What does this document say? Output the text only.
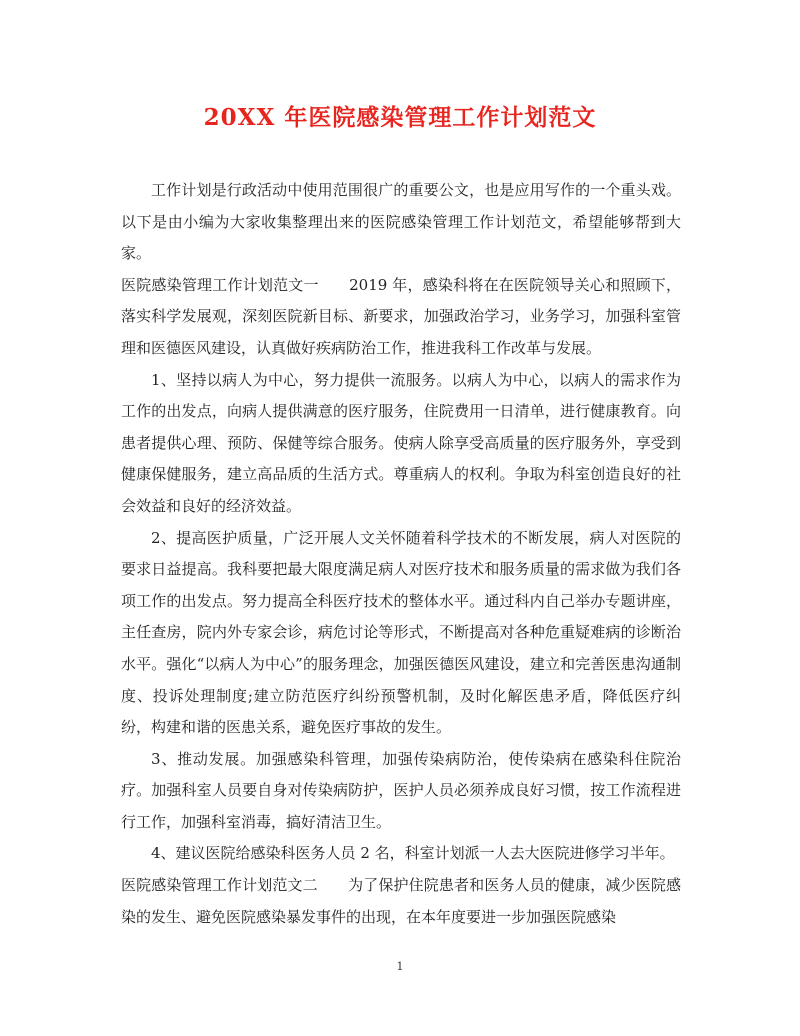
20XX 年医院感染管理工作计划范文

工作计划是行政活动中使用范围很广的重要公文，也是应用写作的一个重头戏。以下是由小编为大家收集整理出来的医院感染管理工作计划范文，希望能够帮到大家。

医院感染管理工作计划范文一　　2019 年，感染科将在在医院领导关心和照顾下，落实科学发展观，深刻医院新目标、新要求，加强政治学习，业务学习，加强科室管理和医德医风建设，认真做好疾病防治工作，推进我科工作改革与发展。

1、坚持以病人为中心，努力提供一流服务。以病人为中心，以病人的需求作为工作的出发点，向病人提供满意的医疗服务，住院费用一日清单，进行健康教育。向患者提供心理、预防、保健等综合服务。使病人除享受高质量的医疗服务外，享受到健康保健服务，建立高品质的生活方式。尊重病人的权利。争取为科室创造良好的社会效益和良好的经济效益。

2、提高医护质量，广泛开展人文关怀随着科学技术的不断发展，病人对医院的要求日益提高。我科要把最大限度满足病人对医疗技术和服务质量的需求做为我们各项工作的出发点。努力提高全科医疗技术的整体水平。通过科内自己举办专题讲座，主任查房，院内外专家会诊，病危讨论等形式，不断提高对各种危重疑难病的诊断治水平。强化“以病人为中心”的服务理念，加强医德医风建设，建立和完善医患沟通制度、投诉处理制度;建立防范医疗纠纷预警机制，及时化解医患矛盾，降低医疗纠纷，构建和谐的医患关系，避免医疗事故的发生。

3、推动发展。加强感染科管理，加强传染病防治，使传染病在感染科住院治疗。加强科室人员要自身对传染病防护，医护人员必须养成良好习惯，按工作流程进行工作，加强科室消毒，搞好清洁卫生。

4、建议医院给感染科医务人员 2 名，科室计划派一人去大医院进修学习半年。

医院感染管理工作计划范文二　　为了保护住院患者和医务人员的健康，减少医院感染的发生、避免医院感染暴发事件的出现，在本年度要进一步加强医院感染

1
